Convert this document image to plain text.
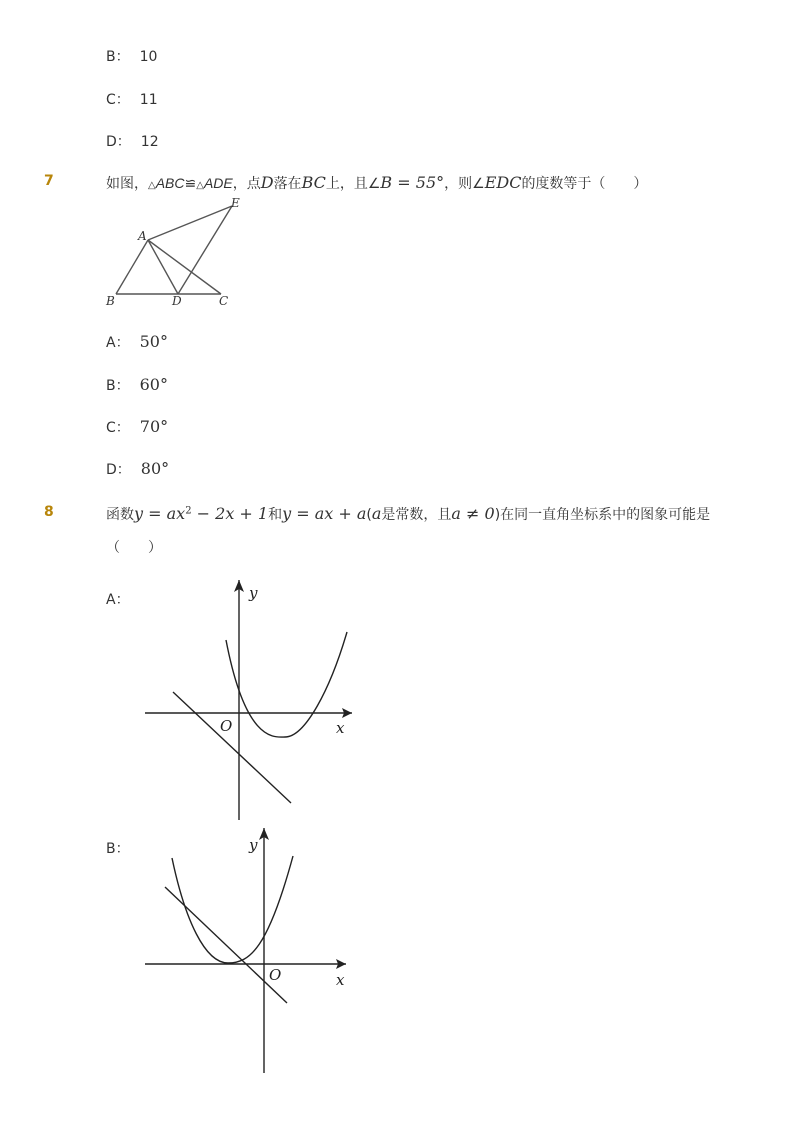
B： 10
C： 11
D： 12
7	如图，△ABC≌△ADE，点D落在BC上，且∠B = 55°，则∠EDC的度数等于（　　）
A
B	C
D
E
A： 50°
B： 60°
C： 70°
D： 80°
8	函数$y = ax^2 - 2x + 1$和y = ax + a(a是常数，且a ≠ 0)在同一直角坐标系中的图象可能是
（　　）
A：	y
x
O
B：	y
x
O
